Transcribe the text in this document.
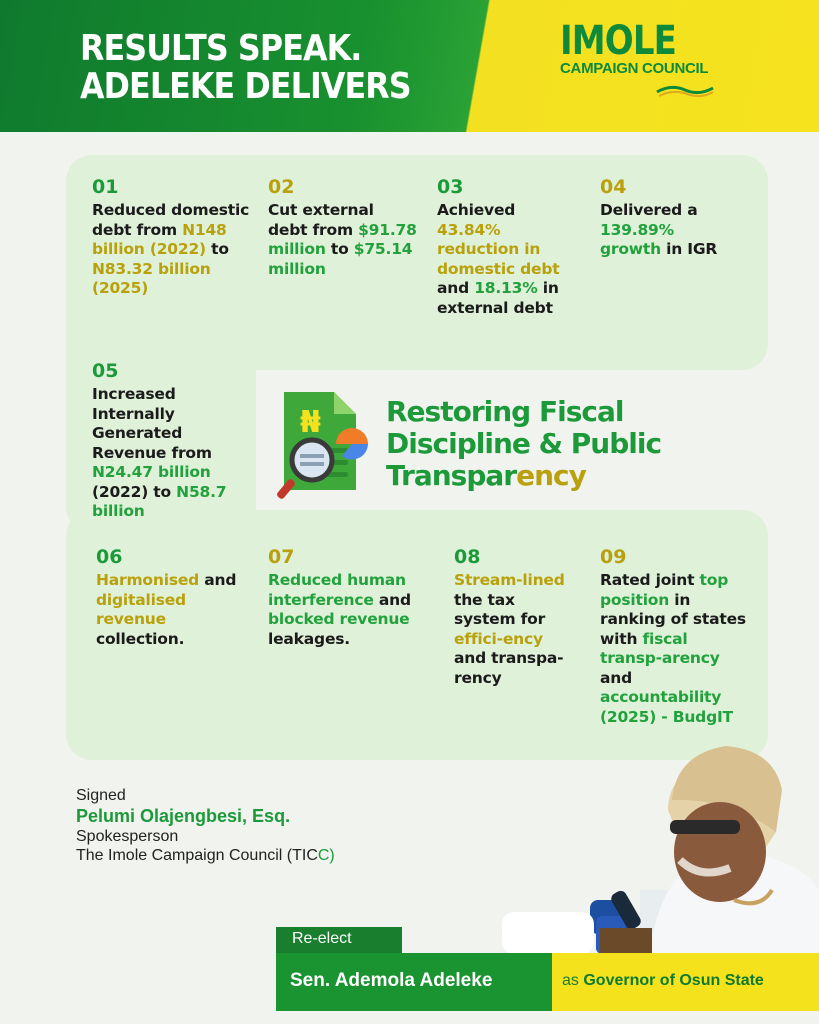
RESULTS SPEAK.
ADELEKE DELIVERS
IMOLE
CAMPAIGN COUNCIL
01
Reduced domestic debt from N148 billion (2022) to N83.32 billion (2025)
02
Cut external debt from $91.78 million to $75.14 million
03
Achieved 43.84% reduction in domestic debt and 18.13% in external debt
04
Delivered a 139.89% growth in IGR
05
Increased Internally Generated Revenue from N24.47 billion (2022) to N58.7 billion
06
Harmonised and digitalised revenue collection.
07
Reduced human interference and blocked revenue leakages.
08
Stream-lined the tax system for effici-ency and transpa-rency
09
Rated joint top position in ranking of states with fiscal transp-arency and accountability (2025) - BudgIT
₦ Restoring Fiscal
Discipline & Public
Transparency
Signed
Pelumi Olajengbesi, Esq.
Spokesperson
The Imole Campaign Council (TICC)
Re-elect
Sen. Ademola Adeleke	as Governor of Osun State
